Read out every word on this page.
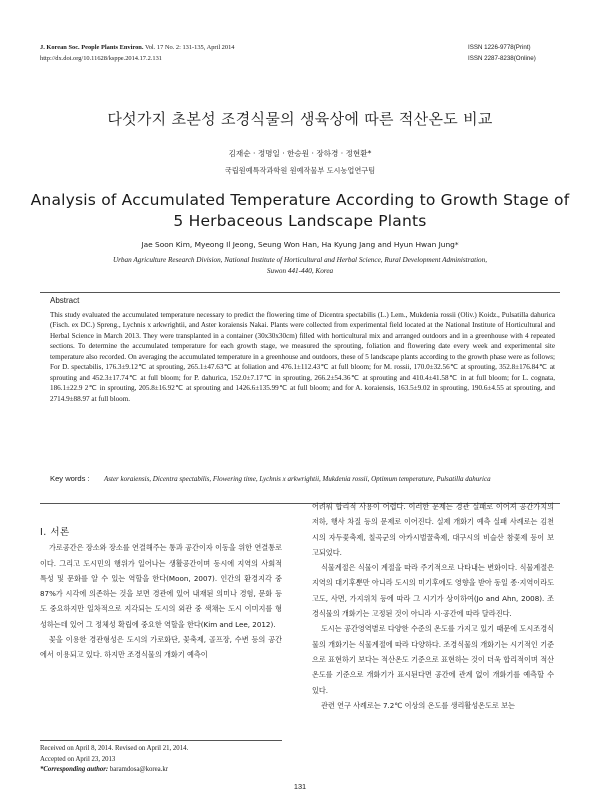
J. Korean Soc. People Plants Environ. Vol. 17 No. 2: 131-135, April 2014
http://dx.doi.org/10.11628/ksppe.2014.17.2.131
ISSN 1226-9778(Print)
ISSN 2287-8238(Online)
다섯가지 초본성 조경식물의 생육상에 따른 적산온도 비교
김재순 · 정명일 · 한승원 · 장하경 · 정현환*
국립원예특작과학원 원예작물부 도시농업연구팀
Analysis of Accumulated Temperature According to Growth Stage of
5 Herbaceous Landscape Plants
Jae Soon Kim, Myeong Il Jeong, Seung Won Han, Ha Kyung Jang and Hyun Hwan Jung*
Urban Agriculture Research Division, National Institute of Horticultural and Herbal Science, Rural Development Administration,
Suwon 441-440, Korea
Abstract
This study evaluated the accumulated temperature necessary to predict the flowering time of Dicentra spectabilis (L.) Lem., Mukdenia rossii (Oliv.) Koidz., Pulsatilla dahurica (Fisch. ex DC.) Spreng., Lychnis x arkwrightii, and Aster koraiensis Nakai. Plants were collected from experimental field located at the National Institute of Horticultural and Herbal Science in March 2013. They were transplanted in a container (30x30x30cm) filled with horticultural mix and arranged outdoors and in a greenhouse with 4 repeated sections. To determine the accumulated temperature for each growth stage, we measured the sprouting, foliation and flowering date every week and experimental site temperature also recorded. On averaging the accumulated temperature in a greenhouse and outdoors, these of 5 landscape plants according to the growth phase were as follows; For D. spectabilis, 176.3±9.12℃ at sprouting, 265.1±47.63℃ at foliation and 476.1±112.43℃ at full bloom; for M. rossii, 170.0±32.56℃ at sprouting, 352.8±176.84℃ at sprouting and 452.3±17.74℃ at full bloom; for P. dahurica, 152.0±7.17℃ in sprouting, 266.2±54.36℃ at sprouting and 410.4±41.58℃ in at full bloom; for L. cognata, 186.1±22.9 2℃ in sprouting, 205.8±16.92℃ at sprouting and 1426.6±135.99℃ at full bloom; and for A. koraiensis, 163.5±9.02 in sprouting, 190.6±4.55 at sprouting, and 2714.9±88.97 at full bloom.
Key words : Aster koraiensis, Dicentra spectabilis, Flowering time, Lychnis x arkwrightii, Mukdenia rossii, Optimum temperature, Pulsatilla dahurica

Ⅰ. 서론

가로공간은 장소와 장소를 연결해주는 통과 공간이자 이동을 위한 연결통로이다. 그리고 도시민의 행위가 일어나는 생활공간이며 동시에 지역의 사회적 특성 및 문화를 알 수 있는 역할을 한다(Moon, 2007). 인간의 환경지각 중 87%가 시각에 의존하는 것을 보면 경관에 있어 내재된 의미나 경험, 문화 등도 중요하지만 일차적으로 지각되는 도시의 외관 중 색채는 도시 이미지를 형성하는데 있어 그 정체성 확립에 중요한 역할을 한다(Kim and Lee, 2012).

꽃을 이용한 경관형성은 도시의 가로화단, 꽃축제, 골프장, 수변 등의 공간에서 이용되고 있다. 하지만 조경식물의 개화기 예측이

어려워 합리적 사용이 어렵다. 이러한 문제는 경관 실패로 이어져 공간가치의 저하, 행사 차질 등의 문제로 이어진다. 실제 개화기 예측 실패 사례로는 김천시의 자두꽃축제, 칠곡군의 아카시벌꿀축제, 대구시의 비슬산 참꽃제 등이 보고되었다.

식물계절은 식물이 계절을 따라 주기적으로 나타내는 변화이다. 식물계절은 지역의 대기후뿐만 아니라 도시의 미기후에도 영향을 받아 동일 종·지역이라도 고도, 사면, 가지위치 등에 따라 그 시기가 상이하여(Jo and Ahn, 2008). 조경식물의 개화기는 고정된 것이 아니라 시·공간에 따라 달라진다.

도시는 공간영역별로 다양한 수준의 온도를 가지고 있기 때문에 도시조경식물의 개화기는 식물계절에 따라 다양하다. 조경식물의 개화기는 시기적인 기준으로 표현하기 보다는 적산온도 기준으로 표현하는 것이 더욱 합리적이며 적산온도를 기준으로 개화기가 표시된다면 공간에 관계 없이 개화기를 예측할 수 있다.

관련 연구 사례로는 7.2℃ 이상의 온도를 생리활성온도로 보는

Received on April 8, 2014. Revised on April 21, 2014.
Accepted on April 23, 2013
*Corresponding author: baramdosa@korea.kr
131
